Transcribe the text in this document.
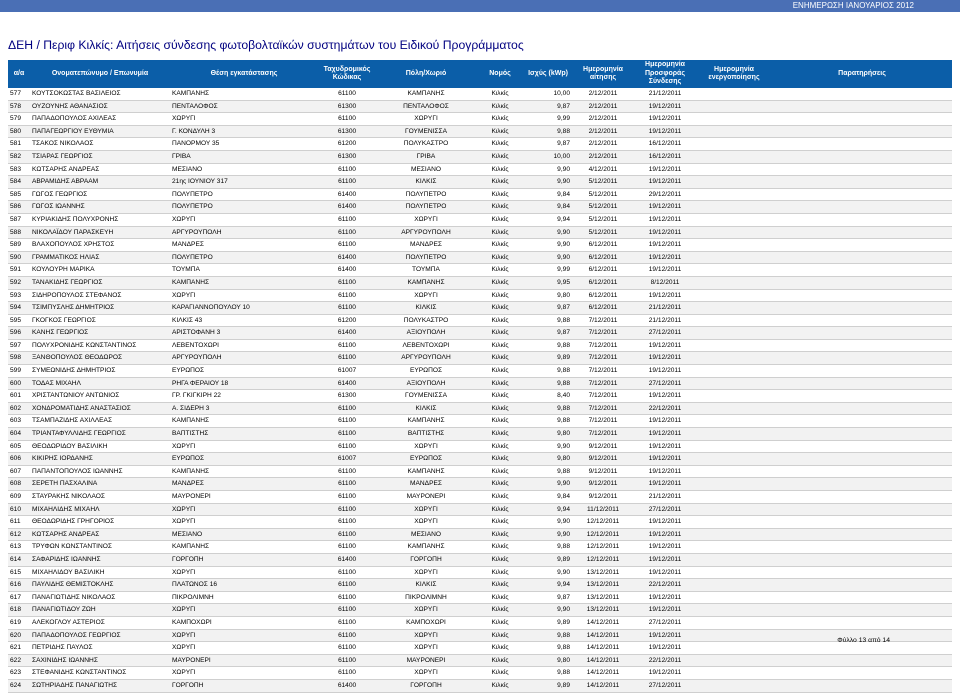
ΕΝΗΜΕΡΩΣΗ ΙΑΝΟΥΑΡΙΟΣ 2012
ΔΕΗ / Περιφ Κιλκίς: Αιτήσεις σύνδεσης φωτοβολταϊκών συστημάτων του Ειδικού Προγράμματος
α/α	Ονοματεπώνυμο / Επωνυμία	Θέση εγκατάστασης	Ταχυδρομικός Κώδικας	Πόλη/Χωριό	Νομός	Ισχύς (kWp)	Ημερομηνία αίτησης	Ημερομηνία Προσφοράς Σύνδεσης	Ημερομηνία ενεργοποίησης	Παρατηρήσεις
577	ΚΟΥΤΣΟΚΩΣΤΑΣ ΒΑΣΙΛΕΙΟΣ	ΚΑΜΠΑΝΗΣ	61100	ΚΑΜΠΑΝΗΣ	Κιλκίς	10,00	2/12/2011	21/12/2011		
578	ΟΥΖΟΥΝΗΣ ΑΘΑΝΑΣΙΟΣ	ΠΕΝΤΑΛΟΦΟΣ	61300	ΠΕΝΤΑΛΟΦΟΣ	Κιλκίς	9,87	2/12/2011	19/12/2011		
579	ΠΑΠΑΔΟΠΟΥΛΟΣ ΑΧΙΛΕΑΣ	ΧΩΡΥΓΙ	61100	ΧΩΡΥΓΙ	Κιλκίς	9,99	2/12/2011	19/12/2011		
580	ΠΑΠΑΓΕΩΡΓΙΟΥ ΕΥΘΥΜΙΑ	Γ. ΚΟΝΔΥΛΗ 3	61300	ΓΟΥΜΕΝΙΣΣΑ	Κιλκίς	9,88	2/12/2011	19/12/2011		
581	ΤΣΑΚΟΣ ΝΙΚΟΛΑΟΣ	ΠΑΝΟΡΜΟΥ 35	61200	ΠΟΛΥΚΑΣΤΡΟ	Κιλκίς	9,87	2/12/2011	16/12/2011		
582	ΤΣΙΑΡΑΣ ΓΕΩΡΓΙΟΣ	ΓΡΙΒΑ	61300	ΓΡΙΒΑ	Κιλκίς	10,00	2/12/2011	16/12/2011		
583	ΚΩΤΣΑΡΗΣ ΑΝΔΡΕΑΣ	ΜΕΣΙΑΝΟ	61100	ΜΕΣΙΑΝΟ	Κιλκίς	9,90	4/12/2011	19/12/2011		
584	ΑΒΡΑΜΙΔΗΣ ΑΒΡΑΑΜ	21ης ΙΟΥΝΙΟΥ 317	61100	ΚΙΛΚΙΣ	Κιλκίς	9,90	5/12/2011	19/12/2011		
585	ΓΩΓΟΣ ΓΕΩΡΓΙΟΣ	ΠΟΛΥΠΕΤΡΟ	61400	ΠΟΛΥΠΕΤΡΟ	Κιλκίς	9,84	5/12/2011	29/12/2011		
586	ΓΩΓΟΣ ΙΩΑΝΝΗΣ	ΠΟΛΥΠΕΤΡΟ	61400	ΠΟΛΥΠΕΤΡΟ	Κιλκίς	9,84	5/12/2011	19/12/2011		
587	ΚΥΡΙΑΚΙΔΗΣ ΠΟΛΥΧΡΟΝΗΣ	ΧΩΡΥΓΙ	61100	ΧΩΡΥΓΙ	Κιλκίς	9,94	5/12/2011	19/12/2011		
588	ΝΙΚΟΛΑΪΔΟΥ ΠΑΡΑΣΚΕΥΗ	ΑΡΓΥΡΟΥΠΟΛΗ	61100	ΑΡΓΥΡΟΥΠΟΛΗ	Κιλκίς	9,90	5/12/2011	19/12/2011		
589	ΒΛΑΧΟΠΟΥΛΟΣ ΧΡΗΣΤΟΣ	ΜΑΝΔΡΕΣ	61100	ΜΑΝΔΡΕΣ	Κιλκίς	9,90	6/12/2011	19/12/2011		
590	ΓΡΑΜΜΑΤΙΚΟΣ ΗΛΙΑΣ	ΠΟΛΥΠΕΤΡΟ	61400	ΠΟΛΥΠΕΤΡΟ	Κιλκίς	9,90	6/12/2011	19/12/2011		
591	ΚΟΥΛΟΥΡΗ ΜΑΡΙΚΑ	ΤΟΥΜΠΑ	61400	ΤΟΥΜΠΑ	Κιλκίς	9,99	6/12/2011	19/12/2011		
592	ΤΑΝΑΚΙΔΗΣ ΓΕΩΡΓΙΟΣ	ΚΑΜΠΑΝΗΣ	61100	ΚΑΜΠΑΝΗΣ	Κιλκίς	9,95	6/12/2011	8/12/2011		
593	ΣΙΔΗΡΟΠΟΥΛΟΣ ΣΤΕΦΑΝΟΣ	ΧΩΡΥΓΙ	61100	ΧΩΡΥΓΙ	Κιλκίς	9,80	6/12/2011	19/12/2011		
594	ΤΣΙΜΠΥΣΛΗΣ ΔΗΜΗΤΡΙΟΣ	ΚΑΡΑΓΙΑΝΝΟΠΟΥΛΟΥ 10	61100	ΚΙΛΚΙΣ	Κιλκίς	9,87	6/12/2011	21/12/2011		
595	ΓΚΟΓΚΟΣ ΓΕΩΡΓΙΟΣ	ΚΙΛΚΙΣ 43	61200	ΠΟΛΥΚΑΣΤΡΟ	Κιλκίς	9,88	7/12/2011	21/12/2011		
596	ΚΑΝΗΣ ΓΕΩΡΓΙΟΣ	ΑΡΙΣΤΟΦΑΝΗ 3	61400	ΑΞΙΟΥΠΟΛΗ	Κιλκίς	9,87	7/12/2011	27/12/2011		
597	ΠΟΛΥΧΡΟΝΙΔΗΣ ΚΩΝΣΤΑΝΤΙΝΟΣ	ΛΕΒΕΝΤΟΧΩΡΙ	61100	ΛΕΒΕΝΤΟΧΩΡΙ	Κιλκίς	9,88	7/12/2011	19/12/2011		
598	ΞΑΝΘΟΠΟΥΛΟΣ ΘΕΟΔΩΡΟΣ	ΑΡΓΥΡΟΥΠΟΛΗ	61100	ΑΡΓΥΡΟΥΠΟΛΗ	Κιλκίς	9,89	7/12/2011	19/12/2011		
599	ΣΥΜΕΩΝΙΔΗΣ ΔΗΜΗΤΡΙΟΣ	ΕΥΡΩΠΟΣ	61007	ΕΥΡΩΠΟΣ	Κιλκίς	9,88	7/12/2011	19/12/2011		
600	ΤΟΔΑΣ ΜΙΧΑΗΛ	ΡΗΓΑ ΦΕΡΑΙΟΥ 18	61400	ΑΞΙΟΥΠΟΛΗ	Κιλκίς	9,88	7/12/2011	27/12/2011		
601	ΧΡΙΣΤΑΝΤΩΝΙΟΥ ΑΝΤΩΝΙΟΣ	ΓΡ. ΓΚΙΓΚΙΡΗ 22	61300	ΓΟΥΜΕΝΙΣΣΑ	Κιλκίς	8,40	7/12/2011	19/12/2011		
602	ΧΟΝΔΡΟΜΑΤΙΔΗΣ ΑΝΑΣΤΑΣΙΟΣ	Α. ΣΙΔΕΡΗ 3	61100	ΚΙΛΚΙΣ	Κιλκίς	9,88	7/12/2011	22/12/2011		
603	ΤΣΑΜΠΑΖΙΔΗΣ ΑΧΙΛΛΕΑΣ	ΚΑΜΠΑΝΗΣ	61100	ΚΑΜΠΑΝΗΣ	Κιλκίς	9,88	7/12/2011	19/12/2011		
604	ΤΡΙΑΝΤΑΦΥΛΛΙΔΗΣ ΓΕΩΡΓΙΟΣ	ΒΑΠΤΙΣΤΗΣ	61100	ΒΑΠΤΙΣΤΗΣ	Κιλκίς	9,80	7/12/2011	19/12/2011		
605	ΘΕΟΔΩΡΙΔΟΥ ΒΑΣΙΛΙΚΗ	ΧΩΡΥΓΙ	61100	ΧΩΡΥΓΙ	Κιλκίς	9,90	9/12/2011	19/12/2011		
606	ΚΙΚΙΡΗΣ ΙΟΡΔΑΝΗΣ	ΕΥΡΩΠΟΣ	61007	ΕΥΡΩΠΟΣ	Κιλκίς	9,80	9/12/2011	19/12/2011		
607	ΠΑΠΑΝΤΟΠΟΥΛΟΣ ΙΩΑΝΝΗΣ	ΚΑΜΠΑΝΗΣ	61100	ΚΑΜΠΑΝΗΣ	Κιλκίς	9,88	9/12/2011	19/12/2011		
608	ΣΕΡΕΤΗ ΠΑΣΧΑΛΙΝΑ	ΜΑΝΔΡΕΣ	61100	ΜΑΝΔΡΕΣ	Κιλκίς	9,90	9/12/2011	19/12/2011		
609	ΣΤΑΥΡΑΚΗΣ ΝΙΚΟΛΑΟΣ	ΜΑΥΡΟΝΕΡΙ	61100	ΜΑΥΡΟΝΕΡΙ	Κιλκίς	9,84	9/12/2011	21/12/2011		
610	ΜΙΧΑΗΛΙΔΗΣ ΜΙΧΑΗΛ	ΧΩΡΥΓΙ	61100	ΧΩΡΥΓΙ	Κιλκίς	9,94	11/12/2011	27/12/2011		
611	ΘΕΟΔΩΡΙΔΗΣ ΓΡΗΓΟΡΙΟΣ	ΧΩΡΥΓΙ	61100	ΧΩΡΥΓΙ	Κιλκίς	9,90	12/12/2011	19/12/2011		
612	ΚΩΤΣΑΡΗΣ ΑΝΔΡΕΑΣ	ΜΕΣΙΑΝΟ	61100	ΜΕΣΙΑΝΟ	Κιλκίς	9,90	12/12/2011	19/12/2011		
613	ΤΡΥΦΩΝ ΚΩΝΣΤΑΝΤΙΝΟΣ	ΚΑΜΠΑΝΗΣ	61100	ΚΑΜΠΑΝΗΣ	Κιλκίς	9,88	12/12/2011	19/12/2011		
614	ΣΑΦΑΡΙΔΗΣ ΙΩΑΝΝΗΣ	ΓΟΡΓΟΠΗ	61400	ΓΟΡΓΟΠΗ	Κιλκίς	9,89	12/12/2011	19/12/2011		
615	ΜΙΧΑΗΛΙΔΟΥ ΒΑΣΙΛΙΚΗ	ΧΩΡΥΓΙ	61100	ΧΩΡΥΓΙ	Κιλκίς	9,90	13/12/2011	19/12/2011		
616	ΠΑΥΛΙΔΗΣ ΘΕΜΙΣΤΟΚΛΗΣ	ΠΛΑΤΩΝΟΣ 16	61100	ΚΙΛΚΙΣ	Κιλκίς	9,94	13/12/2011	22/12/2011		
617	ΠΑΝΑΓΙΩΤΙΔΗΣ ΝΙΚΟΛΑΟΣ	ΠΙΚΡΟΛΙΜΝΗ	61100	ΠΙΚΡΟΛΙΜΝΗ	Κιλκίς	9,87	13/12/2011	19/12/2011		
618	ΠΑΝΑΓΙΩΤΙΔΟΥ ΖΩΗ	ΧΩΡΥΓΙ	61100	ΧΩΡΥΓΙ	Κιλκίς	9,90	13/12/2011	19/12/2011		
619	ΑΛΕΚΟΓΛΟΥ ΑΣΤΕΡΙΟΣ	ΚΑΜΠΟΧΩΡΙ	61100	ΚΑΜΠΟΧΩΡΙ	Κιλκίς	9,89	14/12/2011	27/12/2011		
620	ΠΑΠΑΔΟΠΟΥΛΟΣ ΓΕΩΡΓΙΟΣ	ΧΩΡΥΓΙ	61100	ΧΩΡΥΓΙ	Κιλκίς	9,88	14/12/2011	19/12/2011		
621	ΠΕΤΡΙΔΗΣ ΠΑΥΛΟΣ	ΧΩΡΥΓΙ	61100	ΧΩΡΥΓΙ	Κιλκίς	9,88	14/12/2011	19/12/2011		
622	ΣΑΧΙΝΙΔΗΣ ΙΩΑΝΝΗΣ	ΜΑΥΡΟΝΕΡΙ	61100	ΜΑΥΡΟΝΕΡΙ	Κιλκίς	9,80	14/12/2011	22/12/2011		
623	ΣΤΕΦΑΝΙΔΗΣ ΚΩΝΣΤΑΝΤΙΝΟΣ	ΧΩΡΥΓΙ	61100	ΧΩΡΥΓΙ	Κιλκίς	9,88	14/12/2011	19/12/2011		
624	ΣΩΤΗΡΙΑΔΗΣ ΠΑΝΑΓΙΩΤΗΣ	ΓΟΡΓΟΠΗ	61400	ΓΟΡΓΟΠΗ	Κιλκίς	9,89	14/12/2011	27/12/2011		
Φύλλο 13 από 14
